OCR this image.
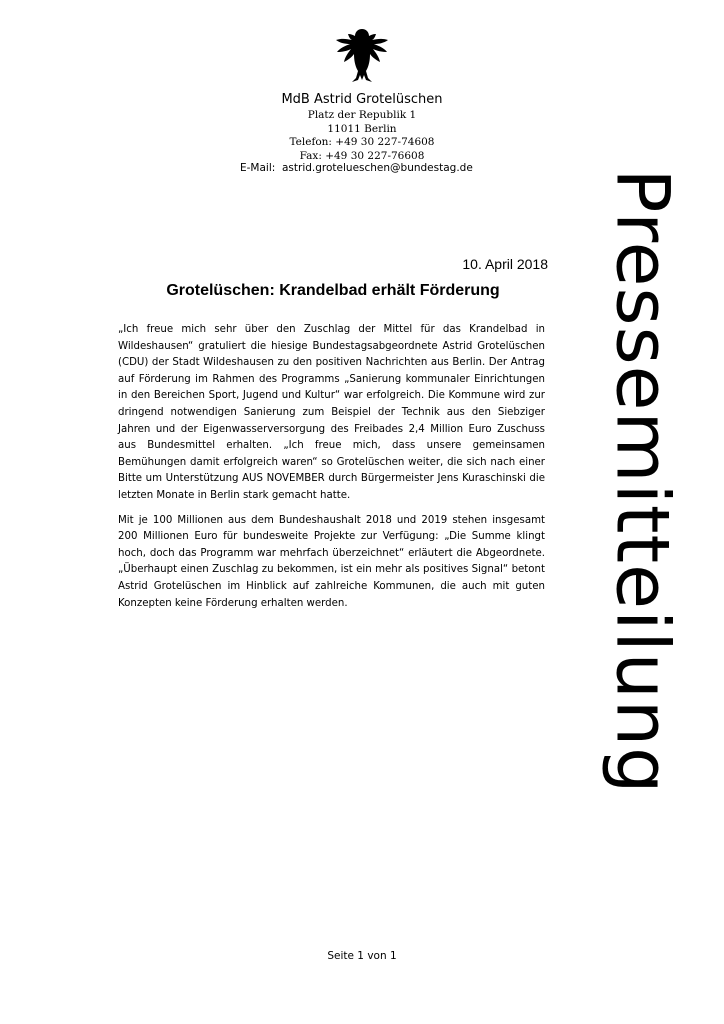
MdB Astrid Grotelüschen
Platz der Republik 1
11011 Berlin
Telefon: +49 30 227-74608
Fax: +49 30 227-76608
E-Mail: astrid.grotelueschen@bundestag.de Pressemitteilung
10. April 2018
Grotelüschen: Krandelbad erhält Förderung

„Ich freue mich sehr über den Zuschlag der Mittel für das Krandelbad in Wildeshausen“ gratuliert die hiesige Bundestagsabgeordnete Astrid Grotelüschen (CDU) der Stadt Wildeshausen zu den positiven Nachrichten aus Berlin. Der Antrag auf Förderung im Rahmen des Programms „Sanierung kommunaler Einrichtungen in den Bereichen Sport, Jugend und Kultur“ war erfolgreich. Die Kommune wird zur dringend notwendigen Sanierung zum Beispiel der Technik aus den Siebziger Jahren und der Eigenwasserversorgung des Freibades 2,4 Million Euro Zuschuss aus Bundesmittel erhalten. „Ich freue mich, dass unsere gemeinsamen Bemühungen damit erfolgreich waren“ so Grotelüschen weiter, die sich nach einer Bitte um Unterstützung AUS NOVEMBER durch Bürgermeister Jens Kuraschinski die letzten Monate in Berlin stark gemacht hatte.

Mit je 100 Millionen aus dem Bundeshaushalt 2018 und 2019 stehen insgesamt 200 Millionen Euro für bundesweite Projekte zur Verfügung: „Die Summe klingt hoch, doch das Programm war mehrfach überzeichnet“ erläutert die Abgeordnete. „Überhaupt einen Zuschlag zu bekommen, ist ein mehr als positives Signal“ betont Astrid Grotelüschen im Hinblick auf zahlreiche Kommunen, die auch mit guten Konzepten keine Förderung erhalten werden.

Seite 1 von 1
